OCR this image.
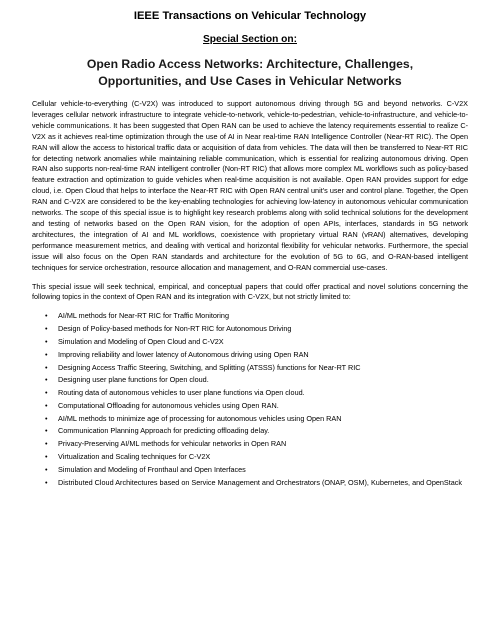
IEEE Transactions on Vehicular Technology

Special Section on:

Open Radio Access Networks: Architecture, Challenges,
Opportunities, and Use Cases in Vehicular Networks

Cellular vehicle-to-everything (C-V2X) was introduced to support autonomous driving through 5G and beyond networks. C-V2X leverages cellular network infrastructure to integrate vehicle-to-network, vehicle-to-pedestrian, vehicle-to-infrastructure, and vehicle-to-vehicle communications. It has been suggested that Open RAN can be used to achieve the latency requirements essential to realize C-V2X as it achieves real-time optimization through the use of AI in Near real-time RAN Intelligence Controller (Near-RT RIC). The Open RAN will allow the access to historical traffic data or acquisition of data from vehicles. The data will then be transferred to Near-RT RIC for detecting network anomalies while maintaining reliable communication, which is essential for realizing autonomous driving. Open RAN also supports non-real-time RAN intelligent controller (Non-RT RIC) that allows more complex ML workflows such as policy-based feature extraction and optimization to guide vehicles when real-time acquisition is not available. Open RAN provides support for edge cloud, i.e. Open Cloud that helps to interface the Near-RT RIC with Open RAN central unit's user and control plane. Together, the Open RAN and C-V2X are considered to be the key-enabling technologies for achieving low-latency in autonomous vehicular communication networks. The scope of this special issue is to highlight key research problems along with solid technical solutions for the development and testing of networks based on the Open RAN vision, for the adoption of open APIs, interfaces, standards in 5G network architectures, the integration of AI and ML workflows, coexistence with proprietary virtual RAN (vRAN) alternatives, developing performance measurement metrics, and dealing with vertical and horizontal flexibility for vehicular networks. Furthermore, the special issue will also focus on the Open RAN standards and architecture for the evolution of 5G to 6G, and O-RAN-based intelligent techniques for service orchestration, resource allocation and management, and O-RAN commercial use-cases.

This special issue will seek technical, empirical, and conceptual papers that could offer practical and novel solutions concerning the following topics in the context of Open RAN and its integration with C-V2X, but not strictly limited to:

• AI/ML methods for Near-RT RIC for Traffic Monitoring
• Design of Policy-based methods for Non-RT RIC for Autonomous Driving
• Simulation and Modeling of Open Cloud and C-V2X
• Improving reliability and lower latency of Autonomous driving using Open RAN
• Designing Access Traffic Steering, Switching, and Splitting (ATSSS) functions for Near-RT RIC
• Designing user plane functions for Open cloud.
• Routing data of autonomous vehicles to user plane functions via Open cloud.
• Computational Offloading for autonomous vehicles using Open RAN.
• AI/ML methods to minimize age of processing for autonomous vehicles using Open RAN
• Communication Planning Approach for predicting offloading delay.
• Privacy-Preserving AI/ML methods for vehicular networks in Open RAN
• Virtualization and Scaling techniques for C-V2X
• Simulation and Modeling of Fronthaul and Open Interfaces
• Distributed Cloud Architectures based on Service Management and Orchestrators (ONAP, OSM), Kubernetes, and OpenStack
